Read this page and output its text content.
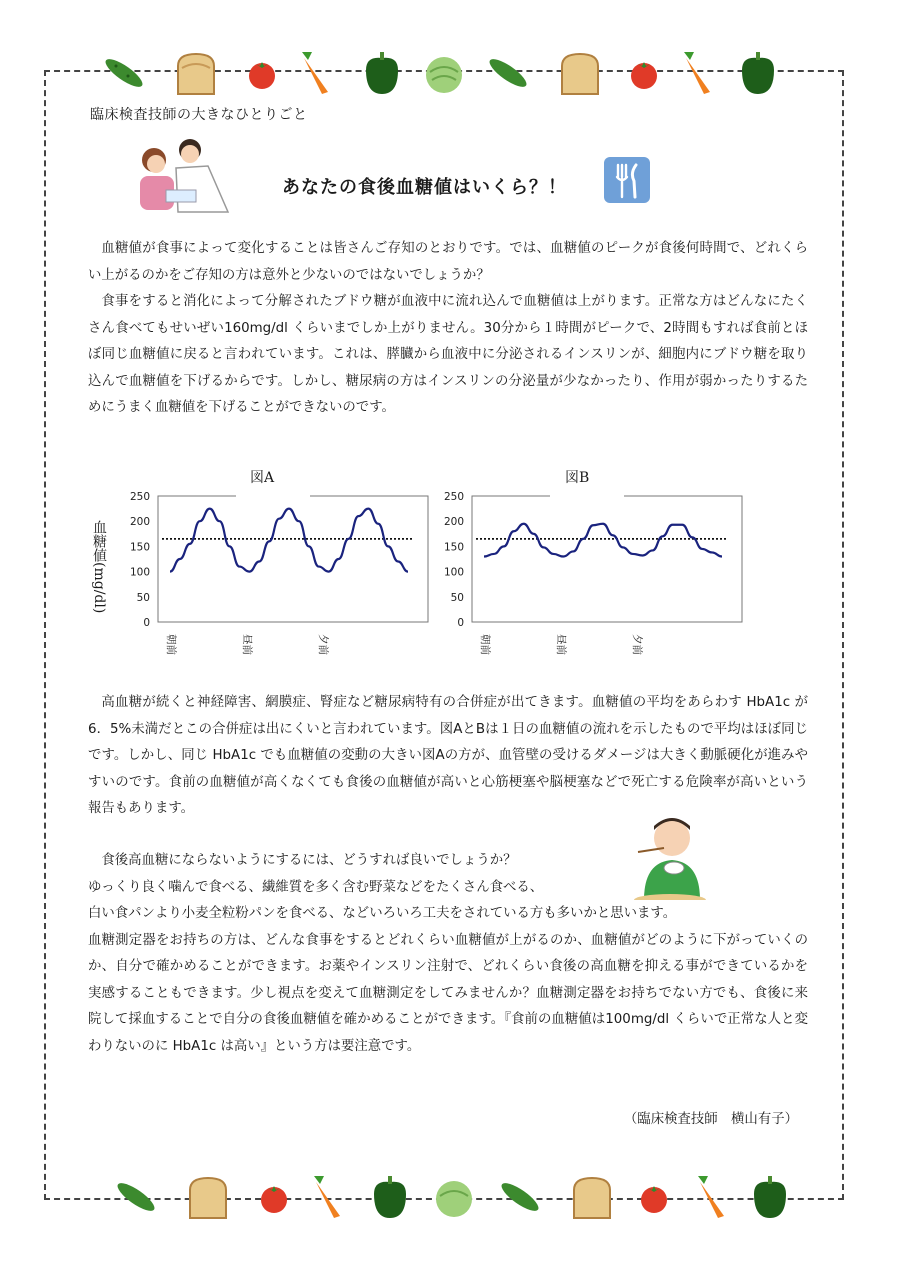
臨床検査技師の大きなひとりごと
あなたの食後血糖値はいくら？！

血糖値が食事によって変化することは皆さんご存知のとおりです。では、血糖値のピークが食後何時間で、どれくらい上がるのかをご存知の方は意外と少ないのではないでしょうか？

食事をすると消化によって分解されたブドウ糖が血液中に流れ込んで血糖値は上がります。正常な方はどんなにたくさん食べてもせいぜい160mg/dl くらいまでしか上がりません。30分から１時間がピークで、2時間もすれば食前とほぼ同じ血糖値に戻ると言われています。これは、膵臓から血液中に分泌されるインスリンが、細胞内にブドウ糖を取り込んで血糖値を下げるからです。しかし、糖尿病の方はインスリンの分泌量が少なかったり、作用が弱かったりするためにうまく血糖値を下げることができないのです。

血糖値(mg/dl)
図A	図B
0
50
100
150
200
250
朝前	昼前	夕前
0
50
100
150
200
250
朝前	昼前	夕前

高血糖が続くと神経障害、網膜症、腎症など糖尿病特有の合併症が出てきます。血糖値の平均をあらわす HbA1c が6．5%未満だとこの合併症は出にくいと言われています。図AとBは１日の血糖値の流れを示したもので平均はほぼ同じです。しかし、同じ HbA1c でも血糖値の変動の大きい図Aの方が、血管壁の受けるダメージは大きく動脈硬化が進みやすいのです。食前の血糖値が高くなくても食後の血糖値が高いと心筋梗塞や脳梗塞などで死亡する危険率が高いという報告もあります。

食後高血糖にならないようにするには、どうすれば良いでしょうか？

ゆっくり良く噛んで食べる、繊維質を多く含む野菜などをたくさん食べる、

白い食パンより小麦全粒粉パンを食べる、などいろいろ工夫をされている方も多いかと思います。

血糖測定器をお持ちの方は、どんな食事をするとどれくらい血糖値が上がるのか、血糖値がどのように下がっていくのか、自分で確かめることができます。お薬やインスリン注射で、どれくらい食後の高血糖を抑える事ができているかを実感することもできます。少し視点を変えて血糖測定をしてみませんか？血糖測定器をお持ちでない方でも、食後に来院して採血することで自分の食後血糖値を確かめることができます。『食前の血糖値は100mg/dl くらいで正常な人と変わりないのに HbA1c は高い』という方は要注意です。

（臨床検査技師　横山有子）
